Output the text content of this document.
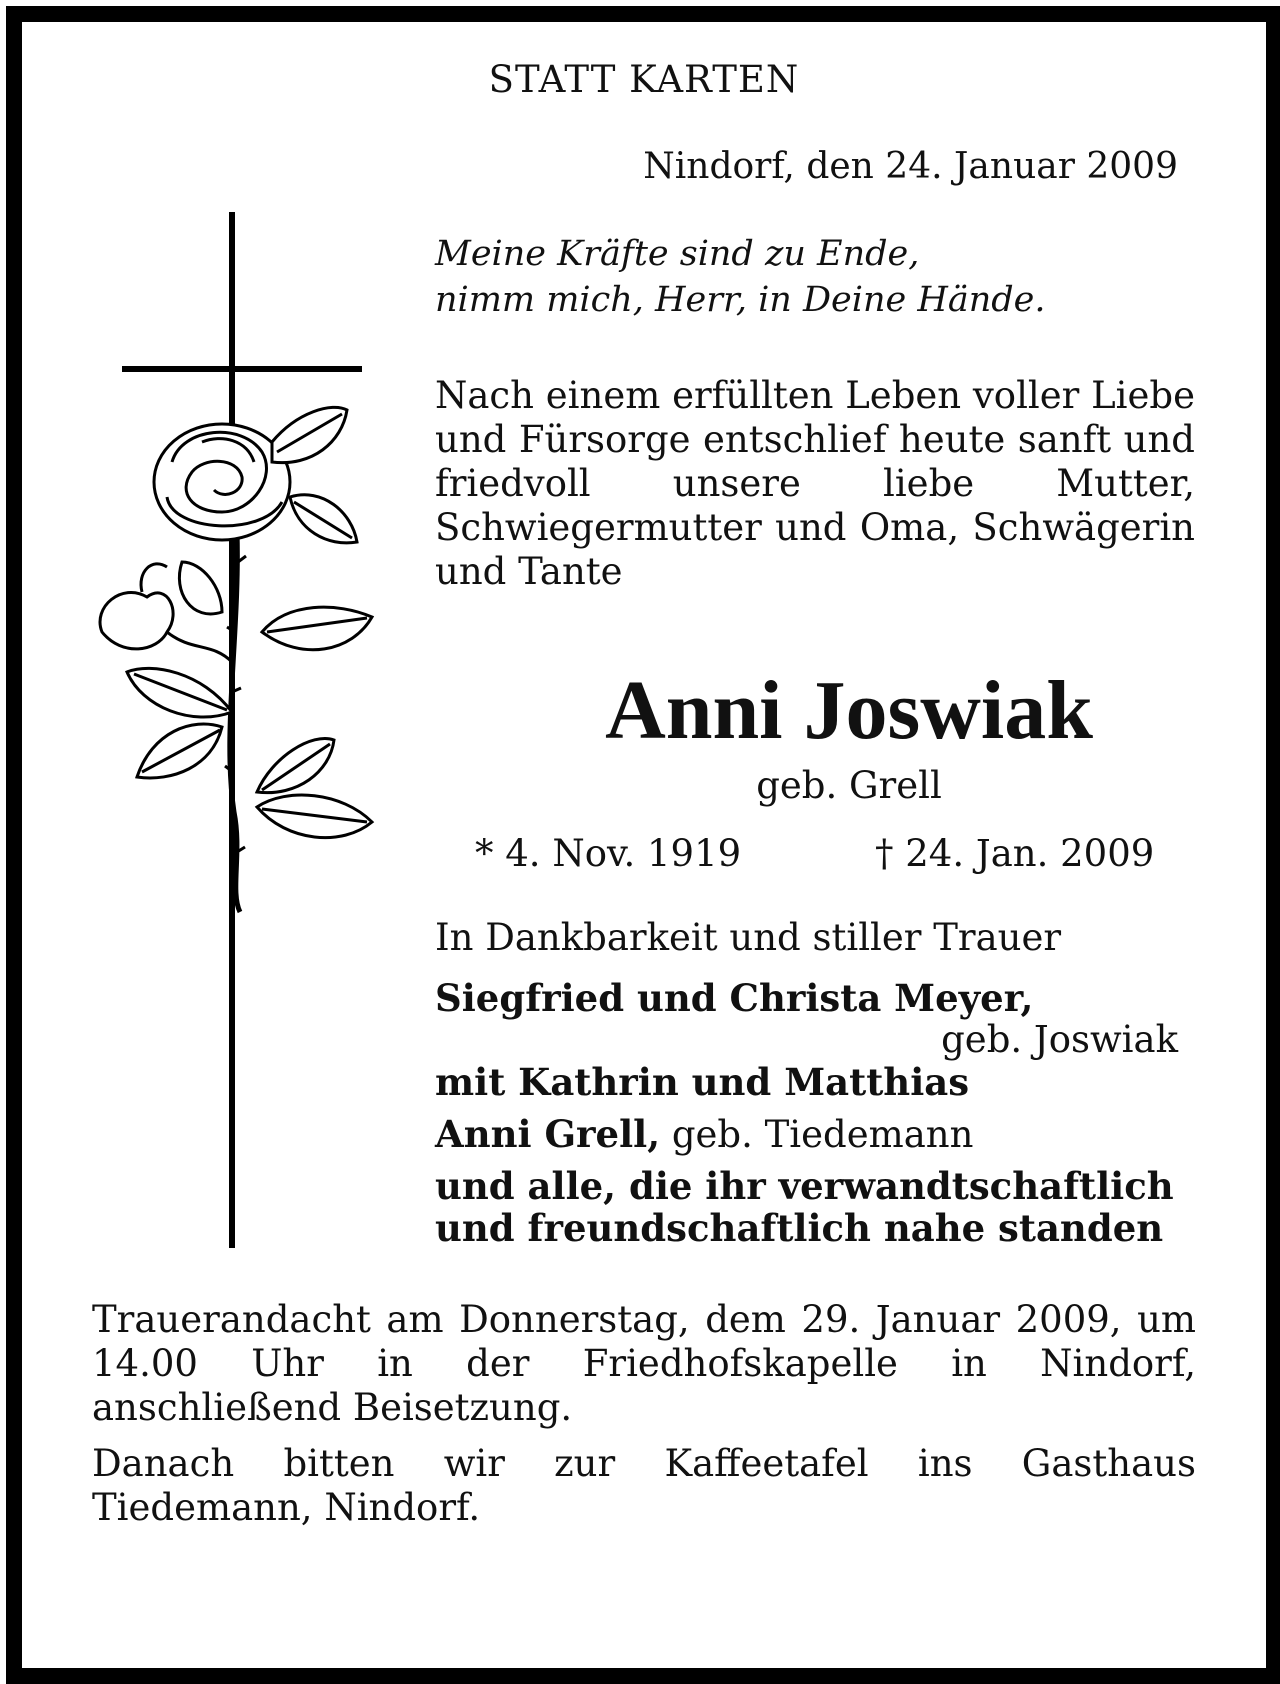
STATT KARTEN
Nindorf, den 24. Januar 2009
Meine Kräfte sind zu Ende,
nimm mich, Herr, in Deine Hände.
Nach einem erfüllten Leben voller Liebe und Fürsorge entschlief heute sanft und friedvoll unsere liebe Mutter, Schwiegermutter und Oma, Schwägerin und Tante
Anni Joswiak
geb. Grell
* 4. Nov. 1919	† 24. Jan. 2009
In Dankbarkeit und stiller Trauer
Siegfried und Christa Meyer,
geb. Joswiak
mit Kathrin und Matthias
Anni Grell, geb. Tiedemann
und alle, die ihr verwandtschaftlich
und freundschaftlich nahe standen
Trauerandacht am Donnerstag, dem 29. Januar 2009, um 14.00 Uhr in der Friedhofskapelle in Nindorf, anschließend Beisetzung.
Danach bitten wir zur Kaffeetafel ins Gasthaus Tiedemann, Nindorf.
